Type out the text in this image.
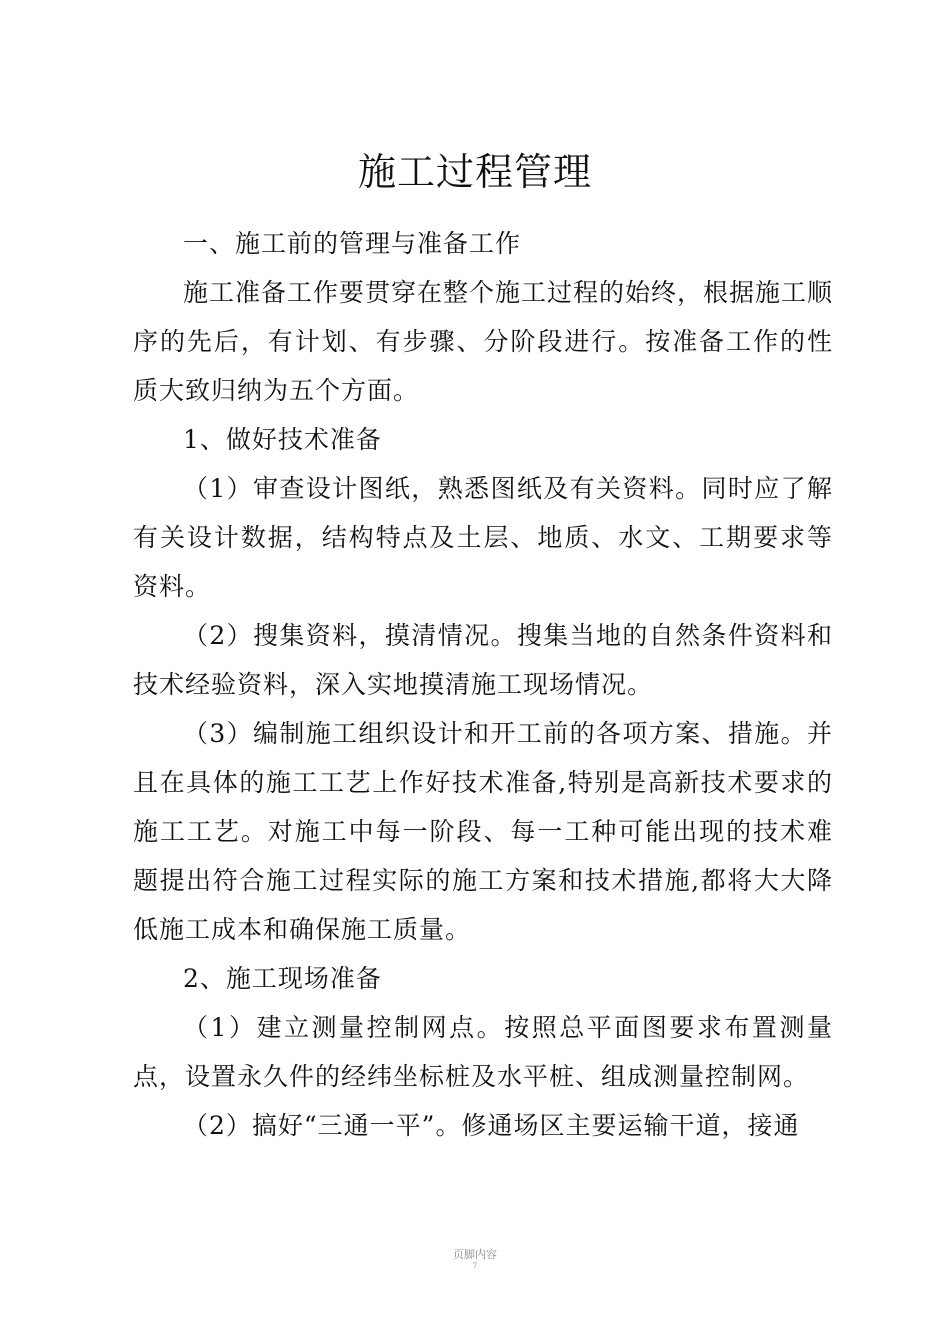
施工过程管理

一、施工前的管理与准备工作

施工准备工作要贯穿在整个施工过程的始终，根据施工顺序的先后，有计划、有步骤、分阶段进行。按准备工作的性质大致归纳为五个方面。

1、做好技术准备

（1）审查设计图纸，熟悉图纸及有关资料。同时应了解有关设计数据，结构特点及土层、地质、水文、工期要求等资料。

（2）搜集资料，摸清情况。搜集当地的自然条件资料和技术经验资料，深入实地摸清施工现场情况。

（3）编制施工组织设计和开工前的各项方案、措施。并且在具体的施工工艺上作好技术准备,特别是高新技术要求的施工工艺。对施工中每一阶段、每一工种可能出现的技术难题提出符合施工过程实际的施工方案和技术措施,都将大大降低施工成本和确保施工质量。

2、施工现场准备

（1）建立测量控制网点。按照总平面图要求布置测量点，设置永久件的经纬坐标桩及水平桩、组成测量控制网。

（2）搞好“三通一平”。修通场区主要运输干道，接通

页脚内容
7
